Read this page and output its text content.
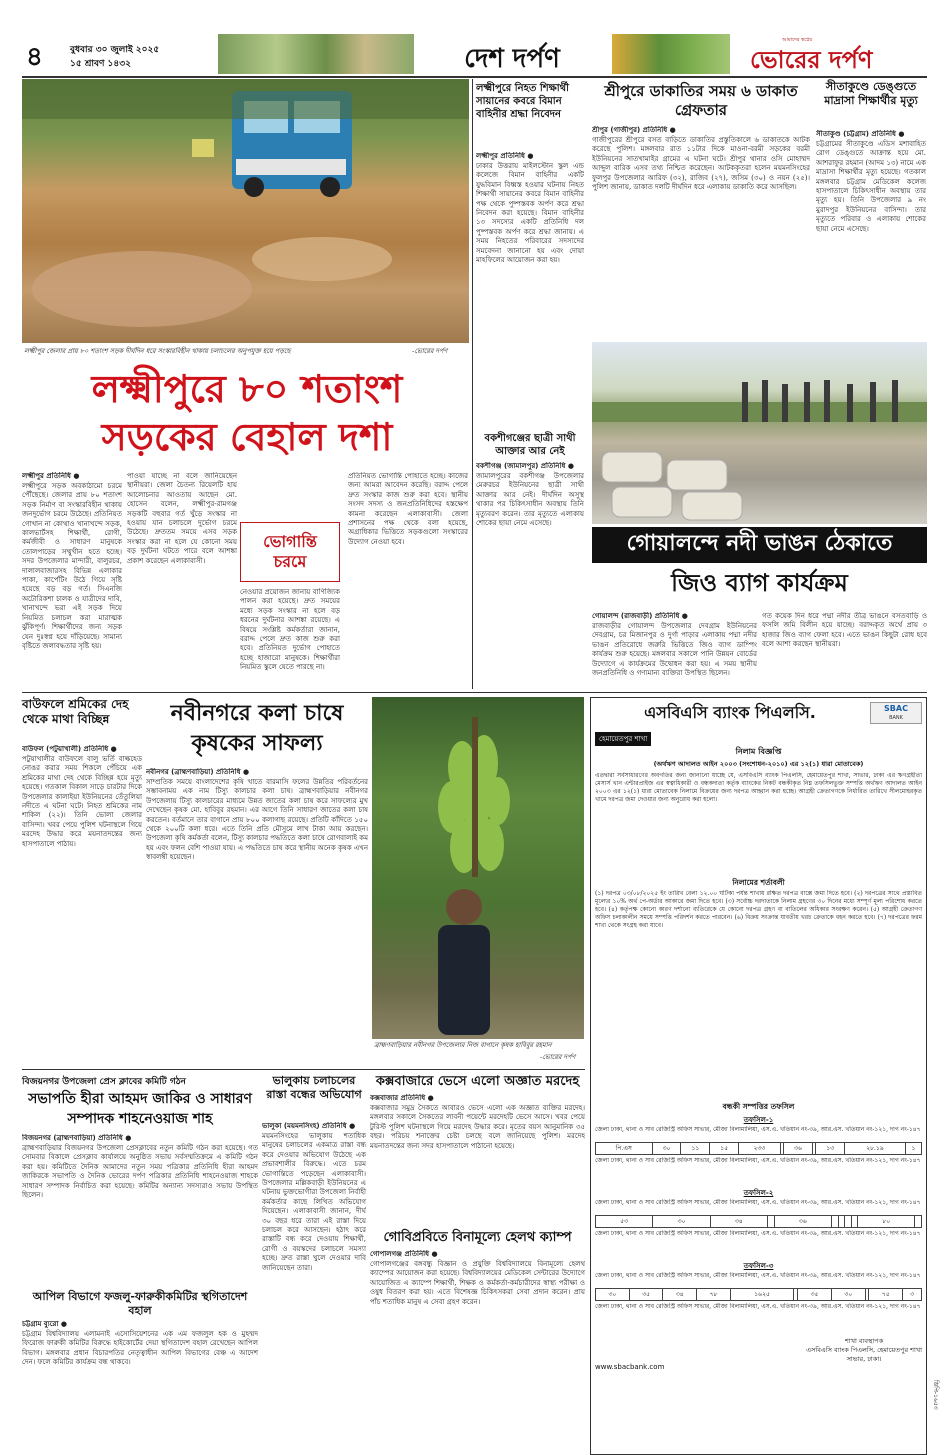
৪	বুধবার ৩০ জুলাই ২০২৫
১৫ শ্রাবণ ১৪৩২	দেশ দর্পণ
আমাদের স্বপ্নের
ভোরের দর্পণ
লক্ষ্মীপুর জেলার প্রায় ৮০ শতাংশ সড়ক দীর্ঘদিন ধরে সংস্কারবিহীন থাকায় চলাচলের অনুপযুক্ত হয়ে পড়ছে	-ভোরের দর্পণ
লক্ষ্মীপুরে ৮০ শতাংশ
সড়কের বেহাল দশা
লক্ষ্মীপুর প্রতিনিধি ●
লক্ষ্মীপুরে সড়ক অবকাঠামো চরমে পৌঁছেছে। জেলার প্রায় ৮০ শতাংশ সড়ক নির্মাণ বা সংস্কারবিহীন থাকায় জনদুর্ভোগ চরমে উঠেছে। প্রতিনিয়ত গোখান না কোথাও খানাখন্দে সড়ক, কালভার্টসহ শিক্ষার্থী, রোগী, কর্মজীবী ও সাধারণ মানুষকে তোলপাড়ের সম্মুখীন হতে হচ্ছে। সদর উপজেলার মান্দারী, বালুরচর, দালালবাজারসহ বিভিন্ন এলাকার পাকা, কার্পেটিং উঠে গিয়ে সৃষ্টি হয়েছে বড় বড় গর্ত। সিএনজি অটোরিকশা চালক ও যাত্রীদের দাবি, খানাখন্দে ভরা এই সড়ক দিয়ে নিয়মিত চলাচল করা মারাত্মক ঝুঁকিপূর্ণ। শিক্ষার্থীদের জন্য সড়ক যেন দুঃস্বপ্ন হয়ে দাঁড়িয়েছে। সামান্য বৃষ্টিতে জলাবদ্ধতার সৃষ্টি হয়।
পাওয়া যাচ্ছে না বলে জানিয়েছেন স্থানীয়রা। জেলা চৈতন্য রিয়েলটি হায় আলোচনার আওতায় আছেন মো. হোসেন বলেন, লক্ষ্মীপুর-রামগঞ্জ সড়কটি বহুবার গর্ত খুঁড়ে সংস্কার না হওয়ায় যান চলাচলে দুর্ভোগ চরমে উঠেছে। দ্রুততম সময়ে এসব সড়ক সংস্কার করা না হলে যে কোনো সময় বড় দুর্ঘটনা ঘটতে পারে বলে আশঙ্কা প্রকাশ করেছেন এলাকাবাসী।
ভোগান্তি চরমে
নেওয়ার প্রয়োজন জানায় বাণিজ্যিক পালন করা হয়েছে। দ্রুত সময়ের মধ্যে সড়ক সংস্কার না হলে বড় ধরনের দুর্ঘটনার আশঙ্কা রয়েছে। এ বিষয়ে সংশ্লিষ্ট কর্মকর্তারা জানান, বরাদ্দ পেলে দ্রুত কাজ শুরু করা হবে। প্রতিনিয়ত দুর্ভোগ পোহাতে হচ্ছে হাজারো মানুষকে। শিক্ষার্থীরা নিয়মিত স্কুলে যেতে পারছে না।
প্রতিনিয়ত ভোগান্তি পোহাতে হচ্ছে। কাজের জন্য আমরা আবেদন করেছি। বরাদ্দ পেলে দ্রুত সংস্কার কাজ শুরু করা হবে। স্থানীয় সংসদ সদস্য ও জনপ্রতিনিধিদের হস্তক্ষেপ কামনা করেছেন এলাকাবাসী। জেলা প্রশাসনের পক্ষ থেকে বলা হয়েছে, অগ্রাধিকার ভিত্তিতে সড়কগুলো সংস্কারের উদ্যোগ নেওয়া হবে।
লক্ষ্মীপুরে নিহত শিক্ষার্থী সায়ানের কবরে বিমান বাহিনীর শ্রদ্ধা নিবেদন
লক্ষ্মীপুর প্রতিনিধি ●
ঢাকার উত্তরায় মাইলস্টোন স্কুল এন্ড কলেজে বিমান বাহিনীর একটি যুদ্ধবিমান বিধ্বস্ত হওয়ার ঘটনায় নিহত শিক্ষার্থী সায়ানের কবরে বিমান বাহিনীর পক্ষ থেকে পুষ্পস্তবক অর্পণ করে শ্রদ্ধা নিবেদন করা হয়েছে। বিমান বাহিনীর ১৩ সদস্যের একটি প্রতিনিধি দল পুষ্পস্তবক অর্পণ করে শ্রদ্ধা জানায়। এ সময় নিহতের পরিবারের সদস্যদের সমবেদনা জানানো হয় এবং দোয়া মাহফিলের আয়োজন করা হয়।
বকশীগঞ্জের ছাত্রী সাথী আক্তার আর নেই
বকশীগঞ্জ (জামালপুর) প্রতিনিধি ●
জামালপুরের বকশীগঞ্জ উপজেলার মেরুরচর ইউনিয়নের ছাত্রী সাথী আক্তার আর নেই। দীর্ঘদিন অসুস্থ থাকার পর চিকিৎসাধীন অবস্থায় তিনি মৃত্যুবরণ করেন। তার মৃত্যুতে এলাকায় শোকের ছায়া নেমে এসেছে।
শ্রীপুরে ডাকাতির সময় ৬ ডাকাত গ্রেফতার
শ্রীপুর (গাজীপুর) প্রতিনিধি ●
গাজীপুরের শ্রীপুরে বসত বাড়িতে ডাকাতির প্রস্তুতিকালে ৬ ডাকাতকে আটক করেছে পুলিশ। মঙ্গলবার রাত ১১টার দিকে মাওনা-বরমী সড়কের বরমী ইউনিয়নের সাতখামাইর গ্রামের এ ঘটনা ঘটে। শ্রীপুর থানার ওসি মোহাম্মদ আব্দুল বারিক এসব তথ্য নিশ্চিত করেছেন। আটককৃতরা হলেন ময়মনসিংহের ফুলপুর উপজেলার আরিফ (৩২), রাজিব (২৭), জসিম (৩০) ও নয়ন (২৫)। পুলিশ জানায়, ডাকাত দলটি দীর্ঘদিন ধরে এলাকায় ডাকাতি করে আসছিল।
সীতাকুণ্ডে ডেঙ্গুতে মাদ্রাসা শিক্ষার্থীর মৃত্যু
সীতাকুণ্ড (চট্টগ্রাম) প্রতিনিধি ●
চট্টগ্রামের সীতাকুণ্ডে এডিস মশাবাহিত রোগ ডেঙ্গুতে আক্রান্ত হয়ে মো. আশরাফুর রহমান (আদম ১৩) নামে এক মাদ্রাসা শিক্ষার্থীর মৃত্যু হয়েছে। গতকাল মঙ্গলবার চট্টগ্রাম মেডিকেল কলেজ হাসপাতালে চিকিৎসাধীন অবস্থায় তার মৃত্যু হয়। তিনি উপজেলার ৯ নং মুরাদপুর ইউনিয়নের বাসিন্দা। তার মৃত্যুতে পরিবার ও এলাকায় শোকের ছায়া নেমে এসেছে।
গোয়ালন্দে নদী ভাঙন ঠেকাতে
জিও ব্যাগ কার্যক্রম
গোয়ালন্দ (রাজবাড়ী) প্রতিনিধি ●
রাজবাড়ীর গোয়ালন্দ উপজেলার দেবগ্রাম ইউনিয়নের দেবগ্রাম, চর মিজানপুর ও দুর্গা পাড়ার এলাকায় পদ্মা নদীর ভাঙন প্রতিরোধে জরুরি ভিত্তিতে জিও ব্যাগ ডাম্পিং কার্যক্রম শুরু হয়েছে। মঙ্গলবার সকালে পানি উন্নয়ন বোর্ডের উদ্যোগে এ কার্যক্রমের উদ্বোধন করা হয়। এ সময় স্থানীয় জনপ্রতিনিধি ও গণ্যমান্য ব্যক্তিরা উপস্থিত ছিলেন।
গত কয়েক দিন ধরে পদ্মা নদীর তীব্র ভাঙনে বসতবাড়ি ও ফসলি জমি বিলীন হয়ে যাচ্ছে। বরাদ্দকৃত অর্থে প্রায় ৩ হাজার জিও ব্যাগ ফেলা হবে। এতে ভাঙন কিছুটা রোধ হবে বলে আশা করছেন স্থানীয়রা।
বাউফলে শ্রমিকের দেহ থেকে মাথা বিচ্ছিন্ন
বাউফল (পটুয়াখালী) প্রতিনিধি ●
পটুয়াখালীর বাউফলে বালু ভর্তি বাল্কহেড নোঙর করার সময় শিকলে পেঁচিয়ে এক শ্রমিকের মাথা দেহ থেকে বিচ্ছিন্ন হয়ে মৃত্যু হয়েছে। গতকাল বিকাল সাড়ে চারটার দিকে উপজেলার কালাইয়া ইউনিয়নের তেঁতুলিয়া নদীতে এ ঘটনা ঘটে। নিহত শ্রমিকের নাম শাকিল (২২)। তিনি ভোলা জেলার বাসিন্দা। খবর পেয়ে পুলিশ ঘটনাস্থলে গিয়ে মরদেহ উদ্ধার করে ময়নাতদন্তের জন্য হাসপাতালে পাঠায়।
নবীনগরে কলা চাষে
কৃষকের সাফল্য
নবীনগর (ব্রাহ্মণবাড়িয়া) প্রতিনিধি ●
সাম্প্রতিক সময়ে বাংলাদেশের কৃষি খাতে বারমাসি ফলের উন্নতির পরিবর্তনের সম্ভাবনাময় এক নাম টিস্যু কালচার কলা চাষ। ব্রাহ্মণবাড়িয়ার নবীনগর উপজেলায় টিস্যু কালচারের মাধ্যমে উন্নত জাতের কলা চাষ করে সাফল্যের মুখ দেখেছেন কৃষক মো. হাবিবুর রহমান। এর আগে তিনি সাধারণ জাতের কলা চাষ করতেন। বর্তমানে তার বাগানে প্রায় ৮০০ কলাগাছ রয়েছে। প্রতিটি কাঁদিতে ১৫০ থেকে ২০০টি কলা ধরে। এতে তিনি প্রতি মৌসুমে লাখ টাকা আয় করছেন। উপজেলা কৃষি কর্মকর্তা বলেন, টিস্যু কালচার পদ্ধতিতে কলা চাষে রোগবালাই কম হয় এবং ফলন বেশি পাওয়া যায়। এ পদ্ধতিতে চাষ করে স্থানীয় অনেক কৃষক এখন স্বাবলম্বী হয়েছেন।
ব্রাহ্মণবাড়িয়ার নবীনগর উপজেলার নিজ বাগানে কৃষক হাবিবুর রহমান
-ভোরের দর্পণ
এসবিএসি ব্যাংক পিএলসি.	SBAC
BANK
হেমায়েতপুর শাখা
নিলাম বিজ্ঞপ্তি
(অর্থঋণ আদালত আইন ২০০৩ (সংশোধন-২০১০) এর ১২(১) ধারা মোতাবেক)
এতদ্বারা সর্বসাধারণের অবগতির জন্য জানানো যাচ্ছে যে, এসবিএসি ব্যাংক পিএলসি, হেমায়েতপুর শাখা, সাভার, ঢাকা এর ঋণগ্রহীতা মেসার্স খান এন্টারপ্রাইজ এর স্বত্বাধিকারী ও বন্ধকদাতা কর্তৃক ব্যাংকের নিকট বন্ধকীকৃত নিম্ন তফসিলভুক্ত সম্পত্তি অর্থঋণ আদালত আইন ২০০৩ এর ১২(১) ধারা মোতাবেক নিলামে বিক্রয়ের জন্য দরপত্র আহ্বান করা হচ্ছে। আগ্রহী ক্রেতাগণকে নির্ধারিত তারিখে সীলমোহরকৃত খামে দরপত্র জমা দেওয়ার জন্য অনুরোধ করা হলো।
নিলামের শর্তাবলী
(১) দরপত্র ০৩/০৮/২০২৫ ইং তারিখ বেলা ১২.০০ ঘটিকা পর্যন্ত শাখায় রক্ষিত দরপত্র বাক্সে জমা দিতে হবে। (২) দরপত্রের সাথে প্রস্তাবিত মূল্যের ১০% অর্থ পে-অর্ডার আকারে জমা দিতে হবে। (৩) সর্বোচ্চ দরদাতাকে নিলাম গ্রহণের ৩০ দিনের মধ্যে সম্পূর্ণ মূল্য পরিশোধ করতে হবে। (৪) কর্তৃপক্ষ কোনো কারণ দর্শানো ব্যতিরেকে যে কোনো দরপত্র গ্রহণ বা বাতিলের অধিকার সংরক্ষণ করেন। (৫) আগ্রহী ক্রেতাগণ অফিস চলাকালীন সময়ে সম্পত্তি পরিদর্শন করতে পারবেন। (৬) বিক্রয় সংক্রান্ত যাবতীয় খরচ ক্রেতাকে বহন করতে হবে। (৭) দরপত্রের ফরম শাখা থেকে সংগ্রহ করা যাবে।
বন্ধকী সম্পত্তির তফসিল
তফসিল-১
জেলা ঢাকা, থানা ও সাব রেজিস্ট্রি অফিস সাভার, মৌজা বিলামালিয়া, এস.এ. খতিয়ান নং-৩৯, আর.এস. খতিয়ান নং-১২১, দাগ নং-১৪৭
পি.এস	৩০	১১	১৫	২৩৩		৩৬		১৩	২৮.১৯	১
জেলা ঢাকা, থানা ও সাব রেজিস্ট্রি অফিস সাভার, মৌজা বিলামালিয়া, এস.এ. খতিয়ান নং-৩৯, আর.এস. খতিয়ান নং-১২১, দাগ নং-১৪৭
তফসিল-২
জেলা ঢাকা, থানা ও সাব রেজিস্ট্রি অফিস সাভার, মৌজা বিলামালিয়া, এস.এ. খতিয়ান নং-৩৯, আর.এস. খতিয়ান নং-১২১, দাগ নং-১৪৭
৫৩	৩০	৩৪		৩৬					৮০	
জেলা ঢাকা, থানা ও সাব রেজিস্ট্রি অফিস সাভার, মৌজা বিলামালিয়া, এস.এ. খতিয়ান নং-৩৯, আর.এস. খতিয়ান নং-১২১, দাগ নং-১৪৭
তফসিল-৩
জেলা ঢাকা, থানা ও সাব রেজিস্ট্রি অফিস সাভার, মৌজা বিলামালিয়া, এস.এ. খতিয়ান নং-৩৯, আর.এস. খতিয়ান নং-১২১, দাগ নং-১৪৭
৩০	৩৫	৩৪	৭৮	১৬২৫		৩৫	৩০		৭৫	৩
জেলা ঢাকা, থানা ও সাব রেজিস্ট্রি অফিস সাভার, মৌজা বিলামালিয়া, এস.এ. খতিয়ান নং-৩৯, আর.এস. খতিয়ান নং-১২১, দাগ নং-১৪৭
www.sbacbank.com
শাখা ব্যবস্থাপক
এসবিএসি ব্যাংক পিএলসি, হেমায়েতপুর শাখা
সাভার, ঢাকা।
বিজয়নগর উপজেলা প্রেস ক্লাবের কমিটি গঠন
সভাপতি হীরা আহমদ জাকির ও সাধারণ
সম্পাদক শাহনেওয়াজ শাহ
বিজয়নগর (ব্রাহ্মণবাড়িয়া) প্রতিনিধি ●
ব্রাহ্মণবাড়িয়ার বিজয়নগর উপজেলা প্রেসক্লাবের নতুন কমিটি গঠন করা হয়েছে। গত সোমবার বিকালে প্রেসক্লাব কার্যালয়ে অনুষ্ঠিত সভায় সর্বসম্মতিক্রমে এ কমিটি গঠন করা হয়। কমিটিতে দৈনিক আমাদের নতুন সময় পত্রিকার প্রতিনিধি হীরা আহমদ জাকিরকে সভাপতি ও দৈনিক ভোরের দর্পণ পত্রিকার প্রতিনিধি শাহনেওয়াজ শাহকে সাধারণ সম্পাদক নির্বাচিত করা হয়েছে। কমিটির অন্যান্য সদস্যরাও সভায় উপস্থিত ছিলেন।
আপিল বিভাগে ফজলু-ফারুকীকমিটির স্থগিতাদেশ বহাল
চট্টগ্রাম ব্যুরো ●
চট্টগ্রাম বিশ্ববিদ্যালয় এলামনাই এসোসিয়েশনের এক এম ফজলুল হক ও মুহম্মদ ফিরোজ ফারুকী কমিটির বিরুদ্ধে হাইকোর্টের দেয়া স্থগিতাদেশ বহাল রেখেছেন আপিল বিভাগ। মঙ্গলবার প্রধান বিচারপতির নেতৃত্বাধীন আপিল বিভাগের বেঞ্চ এ আদেশ দেন। ফলে কমিটির কার্যক্রম বন্ধ থাকবে।
ভালুকায় চলাচলের রাস্তা বন্ধের অভিযোগ
ভালুকা (ময়মনসিংহ) প্রতিনিধি ●
ময়মনসিংহের ভালুকায় শতাধিক মানুষের চলাচলের একমাত্র রাস্তা বন্ধ করে দেওয়ার অভিযোগ উঠেছে এক প্রভাবশালীর বিরুদ্ধে। এতে চরম ভোগান্তিতে পড়েছেন এলাকাবাসী। উপজেলার মল্লিকবাড়ী ইউনিয়নের এ ঘটনায় ভুক্তভোগীরা উপজেলা নির্বাহী কর্মকর্তার কাছে লিখিত অভিযোগ দিয়েছেন। এলাকাবাসী জানান, দীর্ঘ ৩০ বছর ধরে তারা এই রাস্তা দিয়ে চলাচল করে আসছেন। হঠাৎ করে রাস্তাটি বন্ধ করে দেওয়ায় শিক্ষার্থী, রোগী ও বয়স্কদের চলাচলে সমস্যা হচ্ছে। দ্রুত রাস্তা খুলে দেওয়ার দাবি জানিয়েছেন তারা।
কক্সবাজারে ভেসে এলো অজ্ঞাত মরদেহ
কক্সবাজার প্রতিনিধি ●
কক্সবাজার সমুদ্র সৈকতে আবারও ভেসে এলো এক অজ্ঞাত ব্যক্তির মরদেহ। মঙ্গলবার সকালে সৈকতের লাবনী পয়েন্টে মরদেহটি ভেসে আসে। খবর পেয়ে টুরিস্ট পুলিশ ঘটনাস্থলে গিয়ে মরদেহ উদ্ধার করে। মৃতের বয়স আনুমানিক ৩৫ বছর। পরিচয় শনাক্তের চেষ্টা চলছে বলে জানিয়েছে পুলিশ। মরদেহ ময়নাতদন্তের জন্য সদর হাসপাতালে পাঠানো হয়েছে।
গোবিপ্রবিতে বিনামূল্যে হেলথ ক্যাম্প
গোপালগঞ্জ প্রতিনিধি ●
গোপালগঞ্জের বঙ্গবন্ধু বিজ্ঞান ও প্রযুক্তি বিশ্ববিদ্যালয়ে বিনামূল্যে হেলথ ক্যাম্পের আয়োজন করা হয়েছে। বিশ্ববিদ্যালয়ের মেডিকেল সেন্টারের উদ্যোগে আয়োজিত এ ক্যাম্পে শিক্ষার্থী, শিক্ষক ও কর্মকর্তা-কর্মচারীদের স্বাস্থ্য পরীক্ষা ও ওষুধ বিতরণ করা হয়। এতে বিশেষজ্ঞ চিকিৎসকরা সেবা প্রদান করেন। প্রায় পাঁচ শতাধিক মানুষ এ সেবা গ্রহণ করেন।
ডিপি-১৬৫৩
